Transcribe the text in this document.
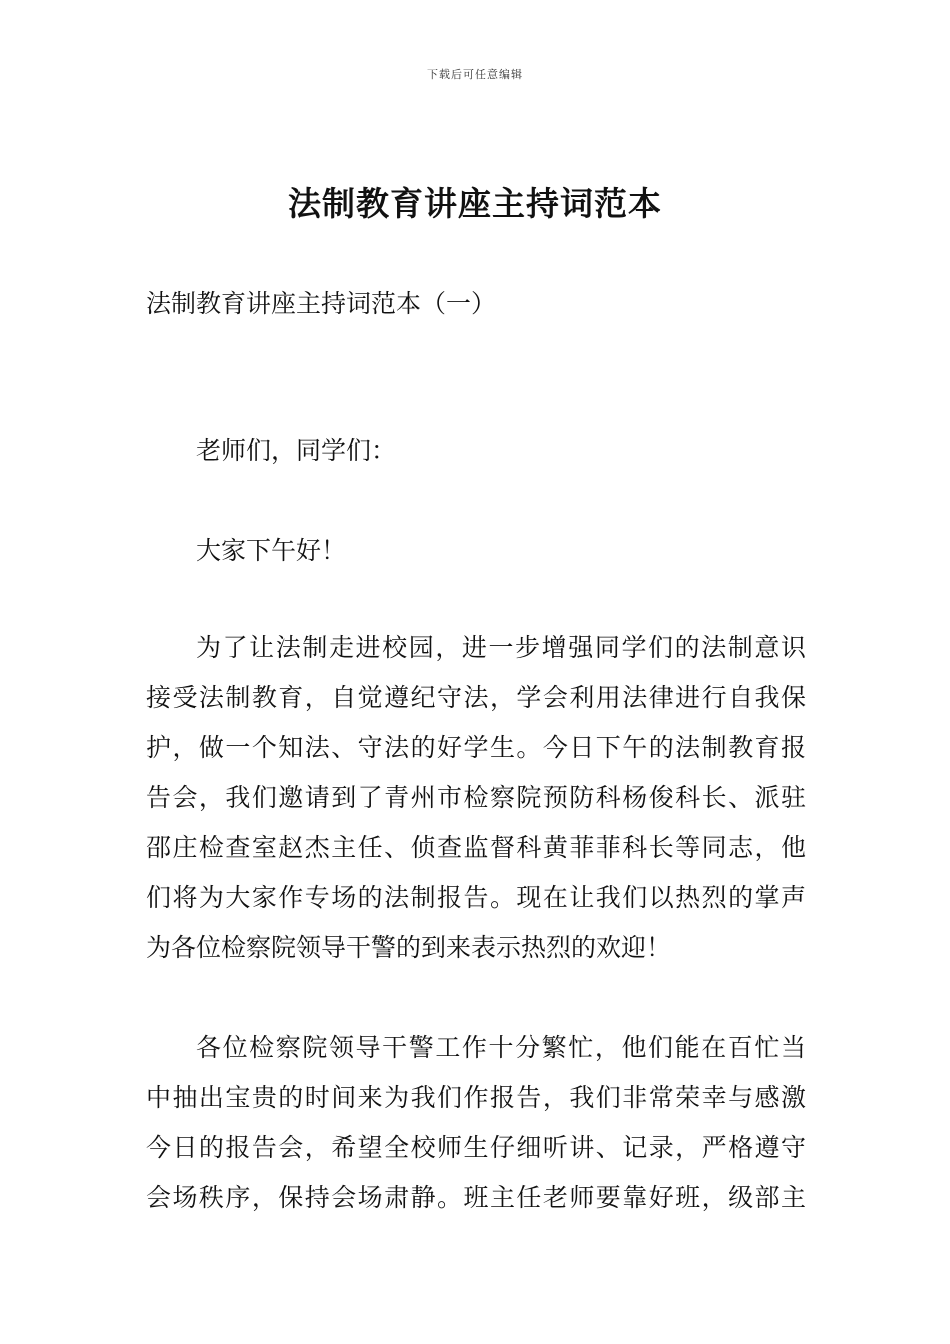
下载后可任意编辑
法制教育讲座主持词范本
法制教育讲座主持词范本（一）
老师们，同学们：
大家下午好！
为了让法制走进校园，进一步增强同学们的法制意识
接受法制教育，自觉遵纪守法，学会利用法律进行自我保
护，做一个知法、守法的好学生。今日下午的法制教育报
告会，我们邀请到了青州市检察院预防科杨俊科长、派驻
邵庄检查室赵杰主任、侦查监督科黄菲菲科长等同志，他
们将为大家作专场的法制报告。现在让我们以热烈的掌声
为各位检察院领导干警的到来表示热烈的欢迎！
各位检察院领导干警工作十分繁忙，他们能在百忙当
中抽出宝贵的时间来为我们作报告，我们非常荣幸与感激
今日的报告会，希望全校师生仔细听讲、记录，严格遵守
会场秩序，保持会场肃静。班主任老师要靠好班，级部主
